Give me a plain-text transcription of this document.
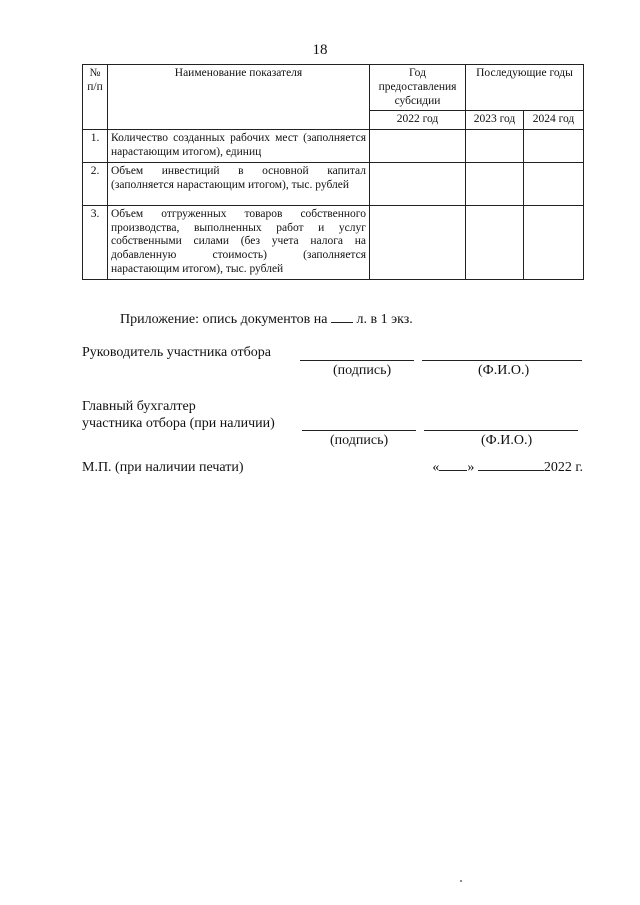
18
№ п/п	Наименование показателя	Год предоставления субсидии	Последующие годы	
		2022 год	2023 год	2024 год
1.	Количество созданных рабочих мест (заполняется нарастающим итогом), единиц			
2.	Объем инвестиций в основной капитал (заполняется нарастающим итогом), тыс. рублей			
3.	Объем отгруженных товаров собственного производства, выполненных работ и услуг собственными силами (без учета налога на добавленную стоимость) (заполняется нарастающим итогом), тыс. рублей			
Приложение: опись документов на л. в 1 экз.
Руководитель участника отбора
(подпись)	(Ф.И.О.)
Главный бухгалтер
участника отбора (при наличии)
(подпись)	(Ф.И.О.)
М.П. (при наличии печати)	« »	2022 г.
